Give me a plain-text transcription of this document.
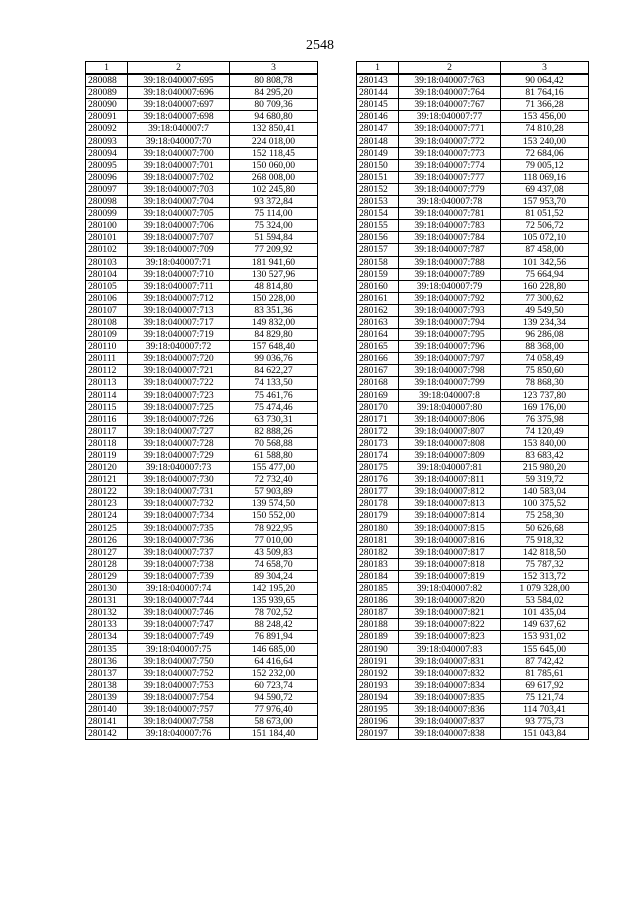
2548
1	2	3
280088	39:18:040007:695	80 808,78
280089	39:18:040007:696	84 295,20
280090	39:18:040007:697	80 709,36
280091	39:18:040007:698	94 680,80
280092	39:18:040007:7	132 850,41
280093	39:18:040007:70	224 018,00
280094	39:18:040007:700	152 118,45
280095	39:18:040007:701	150 060,00
280096	39:18:040007:702	268 008,00
280097	39:18:040007:703	102 245,80
280098	39:18:040007:704	93 372,84
280099	39:18:040007:705	75 114,00
280100	39:18:040007:706	75 324,00
280101	39:18:040007:707	51 594,84
280102	39:18:040007:709	77 209,92
280103	39:18:040007:71	181 941,60
280104	39:18:040007:710	130 527,96
280105	39:18:040007:711	48 814,80
280106	39:18:040007:712	150 228,00
280107	39:18:040007:713	83 351,36
280108	39:18:040007:717	149 832,00
280109	39:18:040007:719	84 829,80
280110	39:18:040007:72	157 648,40
280111	39:18:040007:720	99 036,76
280112	39:18:040007:721	84 622,27
280113	39:18:040007:722	74 133,50
280114	39:18:040007:723	75 461,76
280115	39:18:040007:725	75 474,46
280116	39:18:040007:726	63 730,31
280117	39:18:040007:727	82 888,26
280118	39:18:040007:728	70 568,88
280119	39:18:040007:729	61 588,80
280120	39:18:040007:73	155 477,00
280121	39:18:040007:730	72 732,40
280122	39:18:040007:731	57 903,89
280123	39:18:040007:732	139 574,50
280124	39:18:040007:734	150 552,00
280125	39:18:040007:735	78 922,95
280126	39:18:040007:736	77 010,00
280127	39:18:040007:737	43 509,83
280128	39:18:040007:738	74 658,70
280129	39:18:040007:739	89 304,24
280130	39:18:040007:74	142 195,20
280131	39:18:040007:744	135 939,65
280132	39:18:040007:746	78 702,52
280133	39:18:040007:747	88 248,42
280134	39:18:040007:749	76 891,94
280135	39:18:040007:75	146 685,00
280136	39:18:040007:750	64 416,64
280137	39:18:040007:752	152 232,00
280138	39:18:040007:753	60 723,74
280139	39:18:040007:754	94 590,72
280140	39:18:040007:757	77 976,40
280141	39:18:040007:758	58 673,00
280142	39:18:040007:76	151 184,40
1	2	3
280143	39:18:040007:763	90 064,42
280144	39:18:040007:764	81 764,16
280145	39:18:040007:767	71 366,28
280146	39:18:040007:77	153 456,00
280147	39:18:040007:771	74 810,28
280148	39:18:040007:772	153 240,00
280149	39:18:040007:773	72 684,06
280150	39:18:040007:774	79 005,12
280151	39:18:040007:777	118 069,16
280152	39:18:040007:779	69 437,08
280153	39:18:040007:78	157 953,70
280154	39:18:040007:781	81 051,52
280155	39:18:040007:783	72 506,72
280156	39:18:040007:784	105 072,10
280157	39:18:040007:787	87 458,00
280158	39:18:040007:788	101 342,56
280159	39:18:040007:789	75 664,94
280160	39:18:040007:79	160 228,80
280161	39:18:040007:792	77 300,62
280162	39:18:040007:793	49 549,50
280163	39:18:040007:794	139 234,34
280164	39:18:040007:795	96 286,08
280165	39:18:040007:796	88 368,00
280166	39:18:040007:797	74 058,49
280167	39:18:040007:798	75 850,60
280168	39:18:040007:799	78 868,30
280169	39:18:040007:8	123 737,80
280170	39:18:040007:80	169 176,00
280171	39:18:040007:806	76 375,98
280172	39:18:040007:807	74 120,49
280173	39:18:040007:808	153 840,00
280174	39:18:040007:809	83 683,42
280175	39:18:040007:81	215 980,20
280176	39:18:040007:811	59 319,72
280177	39:18:040007:812	140 583,04
280178	39:18:040007:813	100 375,52
280179	39:18:040007:814	75 258,30
280180	39:18:040007:815	50 626,68
280181	39:18:040007:816	75 918,32
280182	39:18:040007:817	142 818,50
280183	39:18:040007:818	75 787,32
280184	39:18:040007:819	152 313,72
280185	39:18:040007:82	1 079 328,00
280186	39:18:040007:820	53 584,02
280187	39:18:040007:821	101 435,04
280188	39:18:040007:822	149 637,62
280189	39:18:040007:823	153 931,02
280190	39:18:040007:83	155 645,00
280191	39:18:040007:831	87 742,42
280192	39:18:040007:832	81 785,61
280193	39:18:040007:834	69 617,92
280194	39:18:040007:835	75 121,74
280195	39:18:040007:836	114 703,41
280196	39:18:040007:837	93 775,73
280197	39:18:040007:838	151 043,84
